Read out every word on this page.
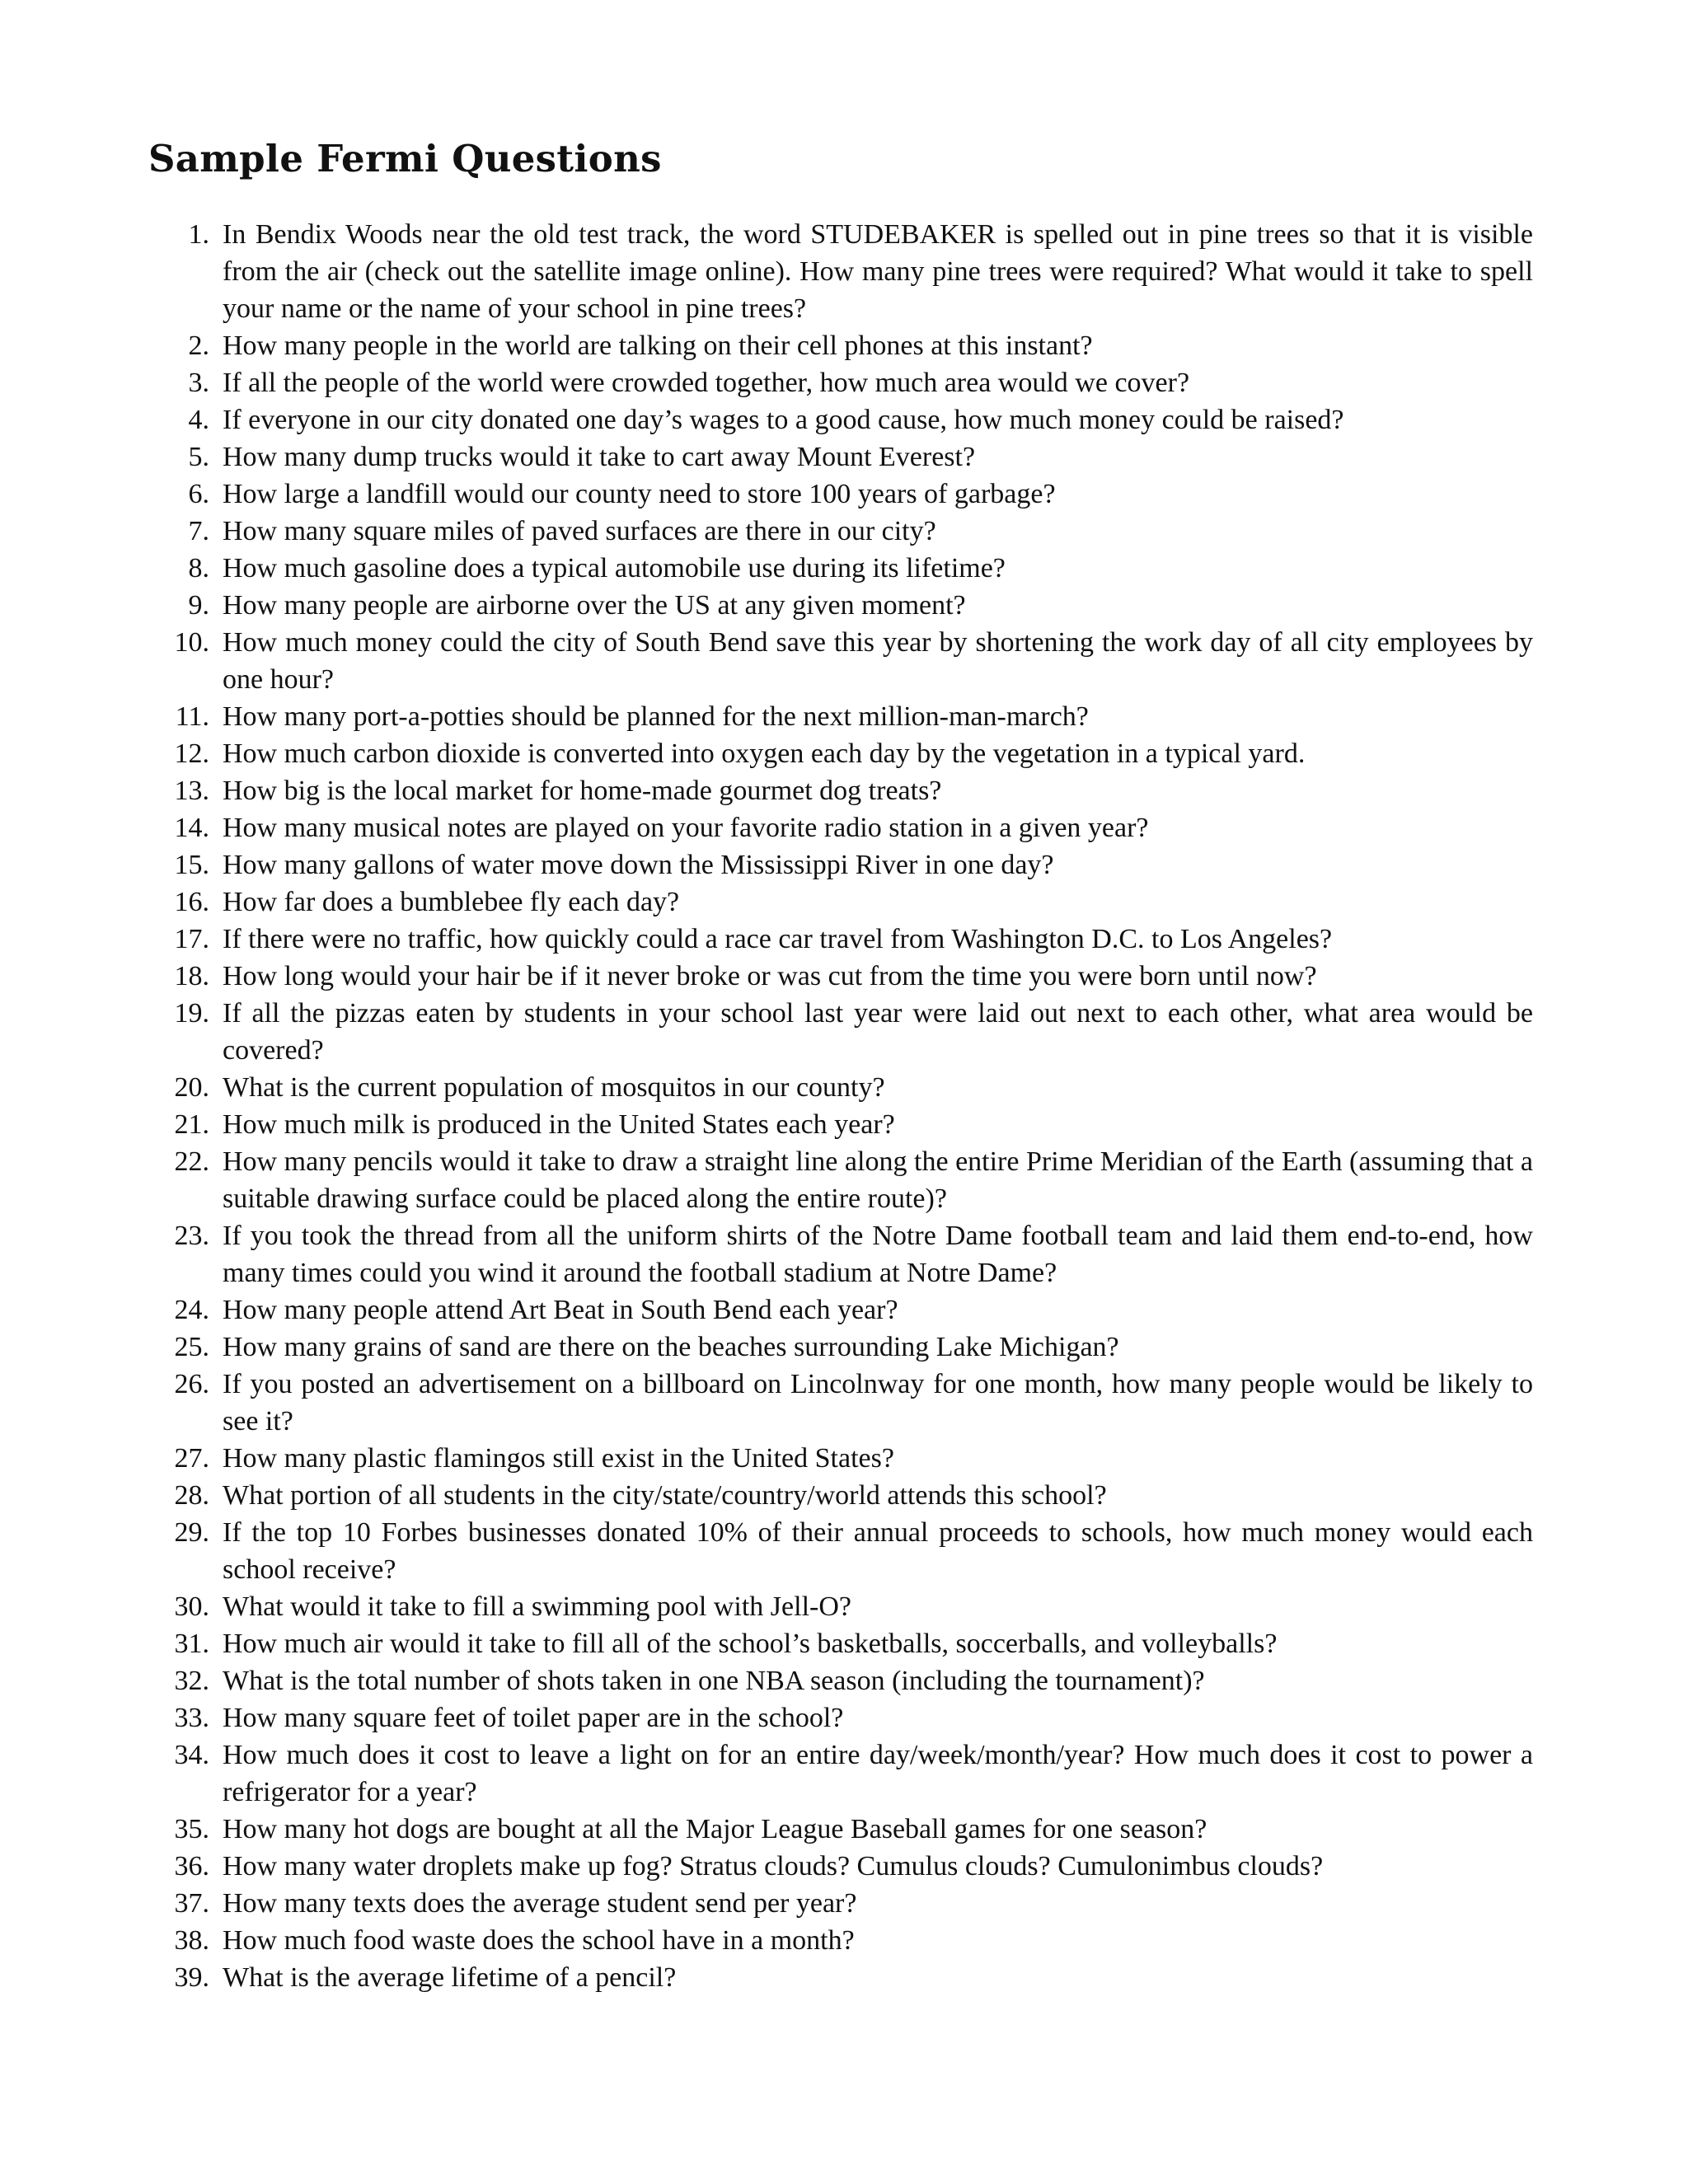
Sample Fermi Questions
1. In Bendix Woods near the old test track, the word STUDEBAKER is spelled out in pine trees so that it is visible from the air (check out the satellite image online). How many pine trees were required? What would it take to spell your name or the name of your school in pine trees?
2. How many people in the world are talking on their cell phones at this instant?
3. If all the people of the world were crowded together, how much area would we cover?
4. If everyone in our city donated one day’s wages to a good cause, how much money could be raised?
5. How many dump trucks would it take to cart away Mount Everest?
6. How large a landfill would our county need to store 100 years of garbage?
7. How many square miles of paved surfaces are there in our city?
8. How much gasoline does a typical automobile use during its lifetime?
9. How many people are airborne over the US at any given moment?
10. How much money could the city of South Bend save this year by shortening the work day of all city employees by one hour?
11. How many port-a-potties should be planned for the next million-man-march?
12. How much carbon dioxide is converted into oxygen each day by the vegetation in a typical yard.
13. How big is the local market for home-made gourmet dog treats?
14. How many musical notes are played on your favorite radio station in a given year?
15. How many gallons of water move down the Mississippi River in one day?
16. How far does a bumblebee fly each day?
17. If there were no traffic, how quickly could a race car travel from Washington D.C. to Los Angeles?
18. How long would your hair be if it never broke or was cut from the time you were born until now?
19. If all the pizzas eaten by students in your school last year were laid out next to each other, what area would be covered?
20. What is the current population of mosquitos in our county?
21. How much milk is produced in the United States each year?
22. How many pencils would it take to draw a straight line along the entire Prime Meridian of the Earth (assuming that a suitable drawing surface could be placed along the entire route)?
23. If you took the thread from all the uniform shirts of the Notre Dame football team and laid them end-to-end, how many times could you wind it around the football stadium at Notre Dame?
24. How many people attend Art Beat in South Bend each year?
25. How many grains of sand are there on the beaches surrounding Lake Michigan?
26. If you posted an advertisement on a billboard on Lincolnway for one month, how many people would be likely to see it?
27. How many plastic flamingos still exist in the United States?
28. What portion of all students in the city/state/country/world attends this school?
29. If the top 10 Forbes businesses donated 10% of their annual proceeds to schools, how much money would each school receive?
30. What would it take to fill a swimming pool with Jell-O?
31. How much air would it take to fill all of the school’s basketballs, soccerballs, and volleyballs?
32. What is the total number of shots taken in one NBA season (including the tournament)?
33. How many square feet of toilet paper are in the school?
34. How much does it cost to leave a light on for an entire day/week/month/year? How much does it cost to power a refrigerator for a year?
35. How many hot dogs are bought at all the Major League Baseball games for one season?
36. How many water droplets make up fog? Stratus clouds? Cumulus clouds? Cumulonimbus clouds?
37. How many texts does the average student send per year?
38. How much food waste does the school have in a month?
39. What is the average lifetime of a pencil?
